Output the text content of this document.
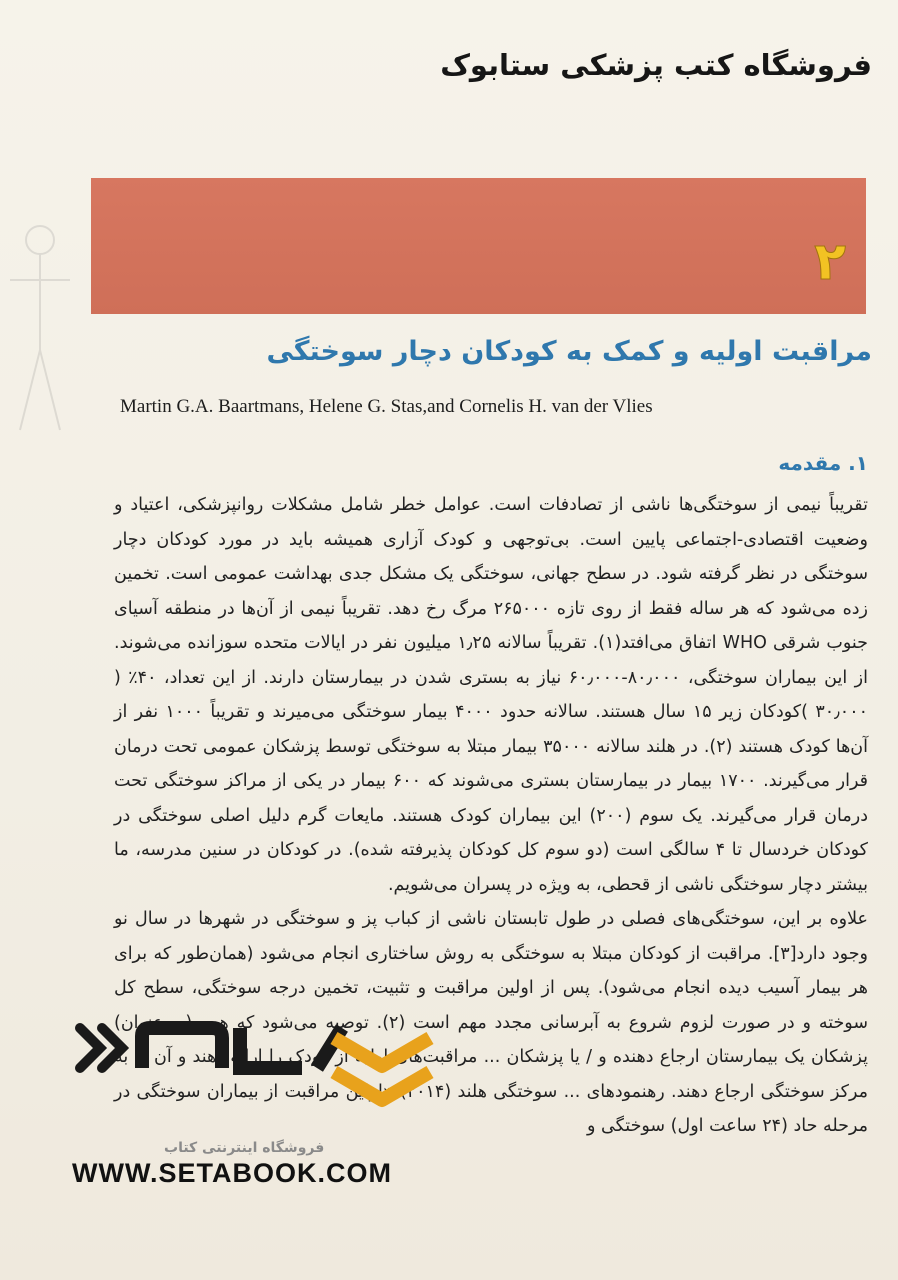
فروشگاه کتب پزشکی ستابوک
۲
مراقبت اولیه و کمک به کودکان دچار سوختگی
Martin G.A. Baartmans, Helene G. Stas,and Cornelis H. van der Vlies
۱. مقدمه

تقریباً نیمی از سوختگی‌ها ناشی از تصادفات است. عوامل خطر شامل مشکلات روانپزشکی، اعتیاد و وضعیت اقتصادی-اجتماعی پایین است. بی‌توجهی و کودک آزاری همیشه باید در مورد کودکان دچار سوختگی در نظر گرفته شود. در سطح جهانی، سوختگی یک مشکل جدی بهداشت عمومی است. تخمین زده می‌شود که هر ساله فقط از روی تازه ۲۶۵۰۰۰ مرگ رخ دهد. تقریباً نیمی از آن‌ها در منطقه آسیای جنوب شرقی WHO اتفاق می‌افتد(۱). تقریباً سالانه ۱٫۲۵ میلیون نفر در ایالات متحده سوزانده می‌شوند. از این بیماران سوختگی، ۸۰٫۰۰۰-۶۰٫۰۰۰ نیاز به بستری شدن در بیمارستان دارند. از این تعداد، ۴۰٪ ( ۳۰٫۰۰۰ )کودکان زیر ۱۵ سال هستند. سالانه حدود ۴۰۰۰ بیمار سوختگی می‌میرند و تقریباً ۱۰۰۰ نفر از آن‌ها کودک هستند (۲). در هلند سالانه ۳۵۰۰۰ بیمار مبتلا به سوختگی توسط پزشکان عمومی تحت درمان قرار می‌گیرند. ۱۷۰۰ بیمار در بیمارستان بستری می‌شوند که ۶۰۰ بیمار در یکی از مراکز سوختگی تحت درمان قرار می‌گیرند. یک سوم (۲۰۰) این بیماران کودک هستند. مایعات گرم دلیل اصلی سوختگی در کودکان خردسال تا ۴ سالگی است (دو سوم کل کودکان پذیرفته شده). در کودکان در سنین مدرسه، ما بیشتر دچار سوختگی ناشی از قحطی، به ویژه در پسران می‌شویم.

علاوه بر این، سوختگی‌های فصلی در طول تابستان ناشی از کباب پز و سوختگی در شهرها در سال نو وجود دارد[۳]. مراقبت از کودکان مبتلا به سوختگی به روش ساختاری انجام می‌شود (همان‌طور که برای هر بیمار آسیب دیده انجام می‌شود). پس از اولین مراقبت و تثبیت، تخمین درجه سوختگی، سطح کل سوخته و در صورت لزوم شروع به آبرسانی مجدد مهم است (۲). توصیه می‌شود که همه (به عنوان) پزشکان یک بیمارستان ارجاع دهنده و / یا پزشکان ... مراقبت‌های اولیه از کودک را ارائه دهند و آن را به مرکز سوختگی ارجاع دهند. رهنمودهای ... سوختگی هلند (۲۰۱۴) «اولین مراقبت از بیماران سوختگی در مرحله حاد (۲۴ ساعت اول) سوختگی و

فروشگاه اینترنتی کتاب
WWW.SETABOOK.COM
